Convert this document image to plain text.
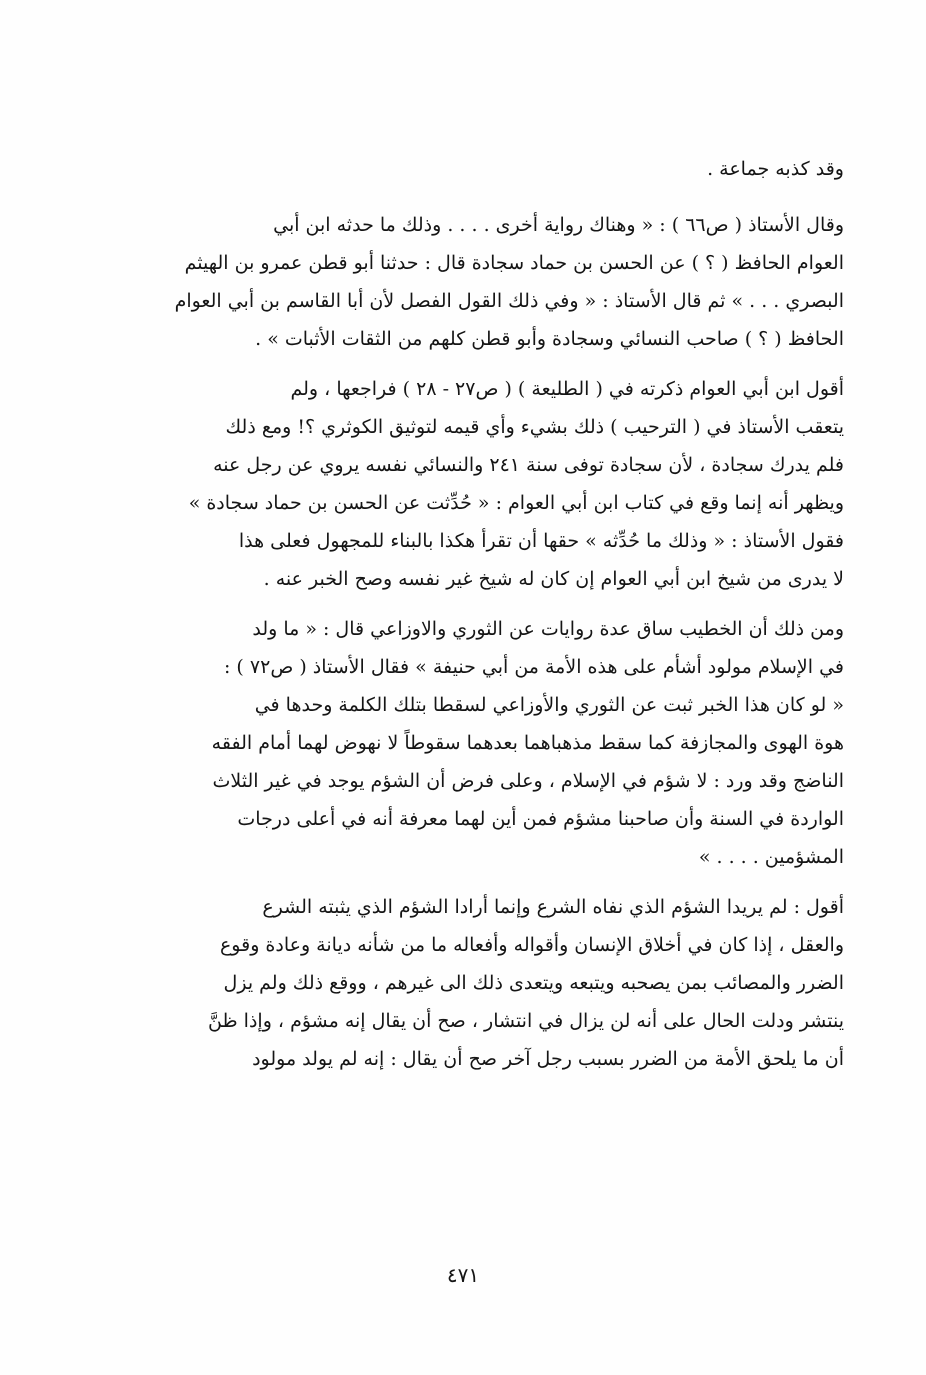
وقد كذبه جماعة .
وقال الأستاذ ( ص٦٦ ) : « وهناك رواية أخرى . . . . وذلك ما حدثه ابن أبي
العوام الحافظ ( ؟ ) عن الحسن بن حماد سجادة قال : حدثنا أبو قطن عمرو بن الهيثم
البصري . . . » ثم قال الأستاذ : « وفي ذلك القول الفصل لأن أبا القاسم بن أبي العوام
الحافظ ( ؟ ) صاحب النسائي وسجادة وأبو قطن كلهم من الثقات الأثبات » .
أقول ابن أبي العوام ذكرته في ( الطليعة ) ( ص٢٧ - ٢٨ ) فراجعها ، ولم
يتعقب الأستاذ في ( الترحيب ) ذلك بشيء وأي قيمه لتوثيق الكوثري ؟! ومع ذلك
فلم يدرك سجادة ، لأن سجادة توفى سنة ٢٤١ والنسائي نفسه يروي عن رجل عنه
ويظهر أنه إنما وقع في كتاب ابن أبي العوام : « حُدِّثت عن الحسن بن حماد سجادة »
فقول الأستاذ : « وذلك ما حُدِّثه » حقها أن تقرأ هكذا بالبناء للمجهول فعلى هذا
لا يدرى من شيخ ابن أبي العوام إن كان له شيخ غير نفسه وصح الخبر عنه .
ومن ذلك أن الخطيب ساق عدة روايات عن الثوري والاوزاعي قال : « ما ولد
في الإسلام مولود أشأم على هذه الأمة من أبي حنيفة » فقال الأستاذ ( ص٧٢ ) :
« لو كان هذا الخبر ثبت عن الثوري والأوزاعي لسقطا بتلك الكلمة وحدها في
هوة الهوى والمجازفة كما سقط مذهباهما بعدهما سقوطاً لا نهوض لهما أمام الفقه
الناضج وقد ورد : لا شؤم في الإسلام ، وعلى فرض أن الشؤم يوجد في غير الثلاث
الواردة في السنة وأن صاحبنا مشؤم فمن أين لهما معرفة أنه في أعلى درجات
المشؤمين . . . . »
أقول : لم يريدا الشؤم الذي نفاه الشرع وإنما أرادا الشؤم الذي يثبته الشرع
والعقل ، إذا كان في أخلاق الإنسان وأقواله وأفعاله ما من شأنه ديانة وعادة وقوع
الضرر والمصائب بمن يصحبه ويتبعه ويتعدى ذلك الى غيرهم ، ووقع ذلك ولم يزل
ينتشر ودلت الحال على أنه لن يزال في انتشار ، صح أن يقال إنه مشؤم ، وإذا ظنَّ
أن ما يلحق الأمة من الضرر بسبب رجل آخر صح أن يقال : إنه لم يولد مولود
٤٧١
